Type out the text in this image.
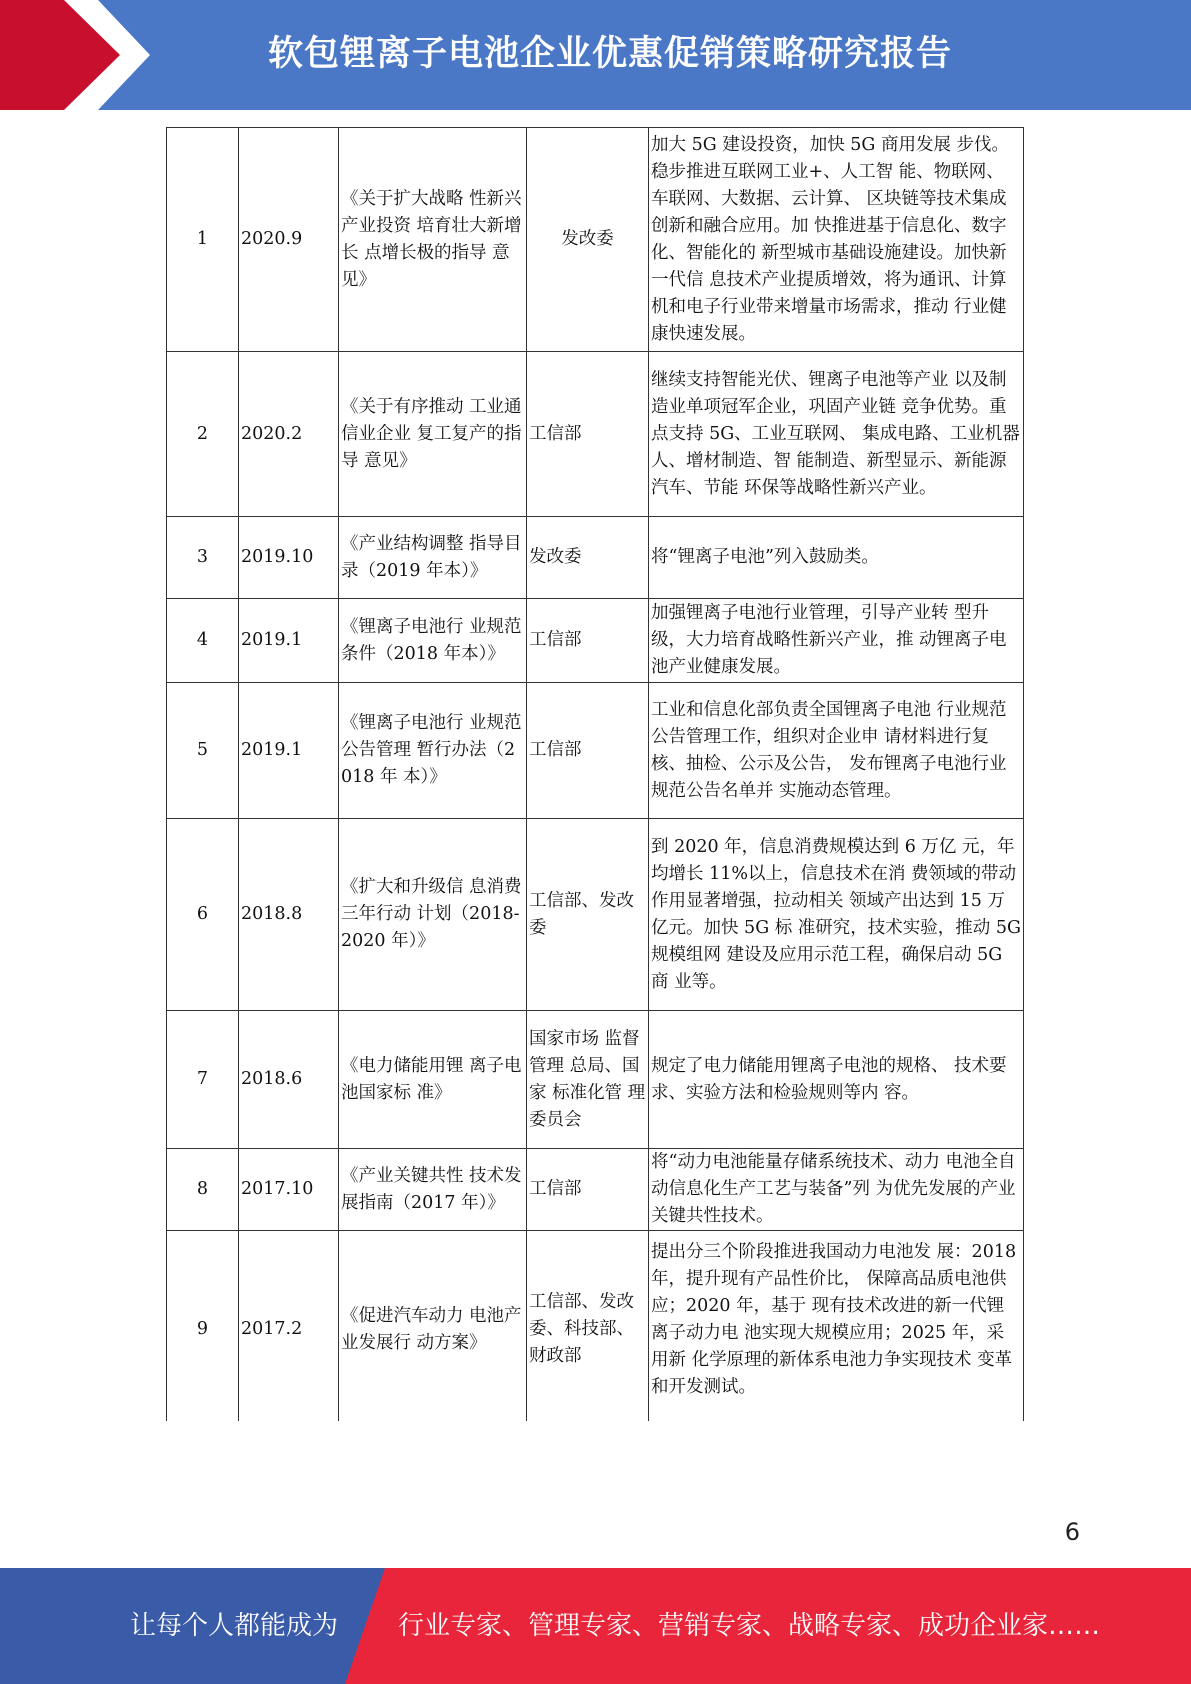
软包锂离子电池企业优惠促销策略研究报告
1	2020.9	《关于扩大战略 性新兴产业投资 培育壮大新增长 点增长极的指导 意见》	发改委	加大 5G 建设投资，加快 5G 商用发展 步伐。稳步推进互联网工业+、人工智 能、物联网、车联网、大数据、云计算、 区块链等技术集成创新和融合应用。加 快推进基于信息化、数字化、智能化的 新型城市基础设施建设。加快新一代信 息技术产业提质增效，将为通讯、计算机和电子行业带来增量市场需求，推动 行业健康快速发展。
2	2020.2	《关于有序推动 工业通信业企业 复工复产的指导 意见》	工信部	继续支持智能光伏、锂离子电池等产业 以及制造业单项冠军企业，巩固产业链 竞争优势。重点支持 5G、工业互联网、 集成电路、工业机器人、增材制造、智 能制造、新型显示、新能源汽车、节能 环保等战略性新兴产业。
3	2019.10	《产业结构调整 指导目录（2019 年本）》	发改委	将“锂离子电池”列入鼓励类。
4	2019.1	《锂离子电池行 业规范条件（2018 年本）》	工信部	加强锂离子电池行业管理，引导产业转 型升级，大力培育战略性新兴产业，推 动锂离子电池产业健康发展。
5	2019.1	《锂离子电池行 业规范公告管理 暂行办法（2018 年 本）》	工信部	工业和信息化部负责全国锂离子电池 行业规范公告管理工作，组织对企业申 请材料进行复核、抽检、公示及公告， 发布锂离子电池行业规范公告名单并 实施动态管理。
6	2018.8	《扩大和升级信 息消费三年行动 计划（2018-2020 年）》	工信部、发改委	到 2020 年，信息消费规模达到 6 万亿 元，年均增长 11%以上，信息技术在消 费领域的带动作用显著增强，拉动相关 领域产出达到 15 万亿元。加快 5G 标 准研究，技术实验，推动 5G 规模组网 建设及应用示范工程，确保启动 5G 商 业等。
7	2018.6	《电力储能用锂 离子电池国家标 准》	国家市场 监督管理 总局、国家 标准化管 理委员会	规定了电力储能用锂离子电池的规格、 技术要求、实验方法和检验规则等内 容。
8	2017.10	《产业关键共性 技术发展指南（2017 年）》	工信部	将“动力电池能量存储系统技术、动力 电池全自动信息化生产工艺与装备”列 为优先发展的产业关键共性技术。
9	2017.2	《促进汽车动力 电池产业发展行 动方案》	工信部、发改委、科技部、财政部	提出分三个阶段推进我国动力电池发 展：2018 年，提升现有产品性价比， 保障高品质电池供应；2020 年，基于 现有技术改进的新一代锂离子动力电 池实现大规模应用；2025 年，采用新 化学原理的新体系电池力争实现技术 变革和开发测试。
6
让每个人都能成为 行业专家、管理专家、营销专家、战略专家、成功企业家……
